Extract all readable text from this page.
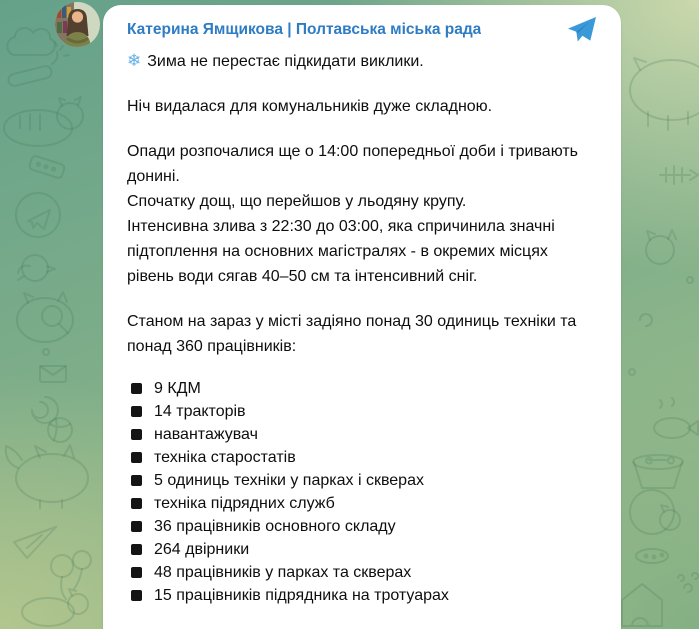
Катерина Ямщикова | Полтавська міська рада
❄ Зима не перестає підкидати виклики.
Ніч видалася для комунальників дуже складною.
Опади розпочалися ще о 14:00 попередньої доби і тривають донині.
Спочатку дощ, що перейшов у льодяну крупу.
Інтенсивна злива з 22:30 до 03:00, яка спричинила значні підтоплення на основних магістралях - в окремих місцях рівень води сягав 40–50 см та інтенсивний сніг.
Станом на зараз у місті задіяно понад 30 одиниць техніки та понад 360 працівників:
9 КДМ
14 тракторів
навантажувач
техніка старостатів
5 одиниць техніки у парках і скверах
техніка підрядних служб
36 працівників основного складу
264 двірники
48 працівників у парках та скверах
15 працівників підрядника на тротуарах
